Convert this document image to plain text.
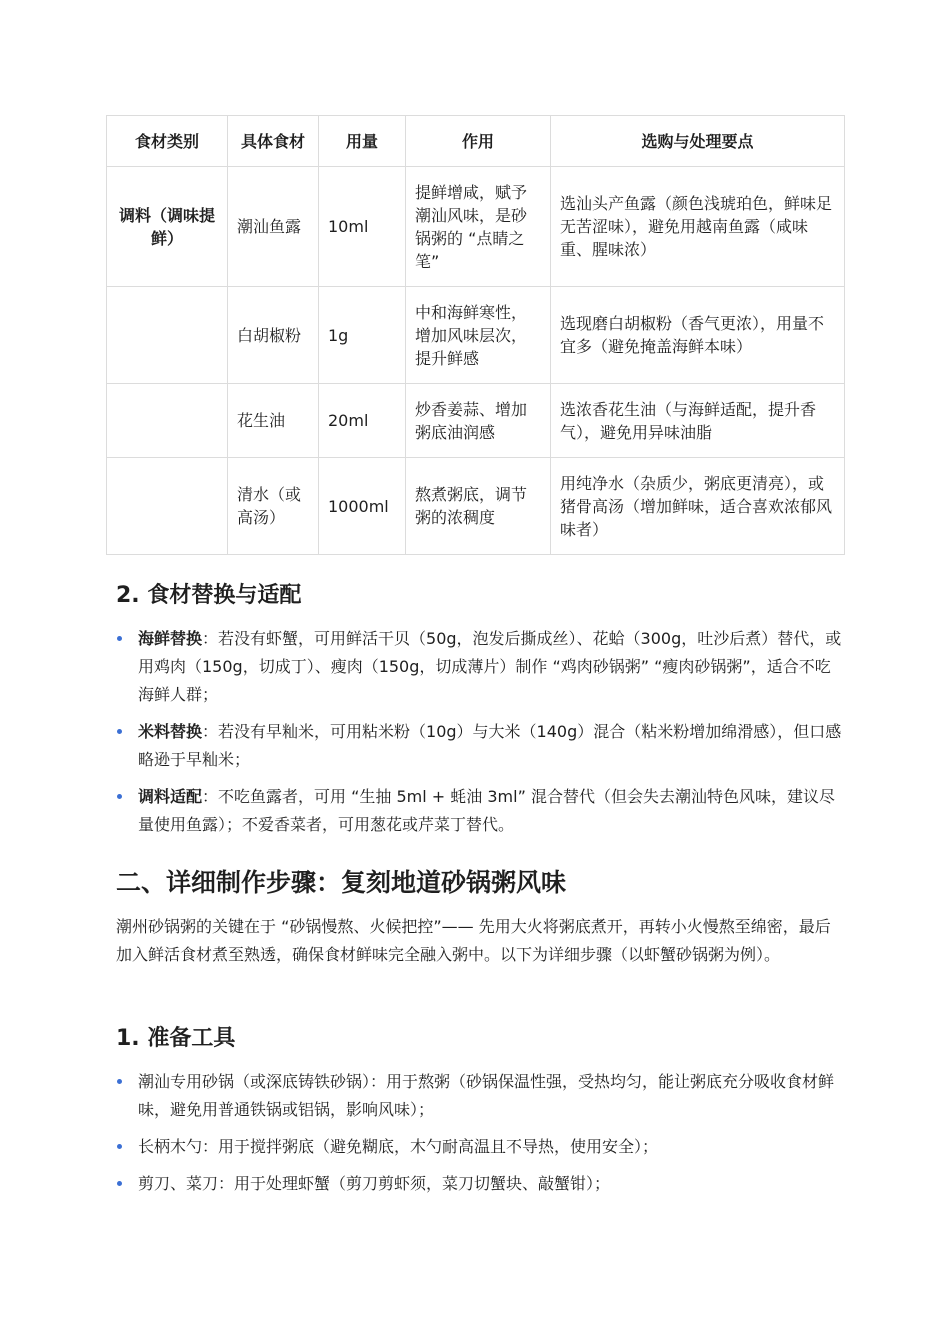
食材类别	具体食材	用量	作用	选购与处理要点
调料（调味提鲜）	潮汕鱼露	10ml	提鲜增咸，赋予潮汕风味，是砂锅粥的 “点睛之笔”	选汕头产鱼露（颜色浅琥珀色，鲜味足无苦涩味），避免用越南鱼露（咸味重、腥味浓）
	白胡椒粉	1g	中和海鲜寒性，增加风味层次，提升鲜感	选现磨白胡椒粉（香气更浓），用量不宜多（避免掩盖海鲜本味）
	花生油	20ml	炒香姜蒜、增加粥底油润感	选浓香花生油（与海鲜适配，提升香气），避免用异味油脂
	清水（或高汤）	1000ml	熬煮粥底，调节粥的浓稠度	用纯净水（杂质少，粥底更清亮），或猪骨高汤（增加鲜味，适合喜欢浓郁风味者）
2. 食材替换与适配
海鲜替换：若没有虾蟹，可用鲜活干贝（50g，泡发后撕成丝）、花蛤（300g，吐沙后煮）替代，或用鸡肉（150g，切成丁）、瘦肉（150g，切成薄片）制作 “鸡肉砂锅粥” “瘦肉砂锅粥”，适合不吃海鲜人群；
米料替换：若没有早籼米，可用粘米粉（10g）与大米（140g）混合（粘米粉增加绵滑感），但口感略逊于早籼米；
调料适配：不吃鱼露者，可用 “生抽 5ml + 蚝油 3ml” 混合替代（但会失去潮汕特色风味，建议尽量使用鱼露）；不爱香菜者，可用葱花或芹菜丁替代。
二、详细制作步骤：复刻地道砂锅粥风味

潮州砂锅粥的关键在于 “砂锅慢熬、火候把控”—— 先用大火将粥底煮开，再转小火慢熬至绵密，最后加入鲜活食材煮至熟透，确保食材鲜味完全融入粥中。以下为详细步骤（以虾蟹砂锅粥为例）。

1. 准备工具
潮汕专用砂锅（或深底铸铁砂锅）：用于熬粥（砂锅保温性强，受热均匀，能让粥底充分吸收食材鲜味，避免用普通铁锅或铝锅，影响风味）；
长柄木勺：用于搅拌粥底（避免糊底，木勺耐高温且不导热，使用安全）；
剪刀、菜刀：用于处理虾蟹（剪刀剪虾须，菜刀切蟹块、敲蟹钳）；
